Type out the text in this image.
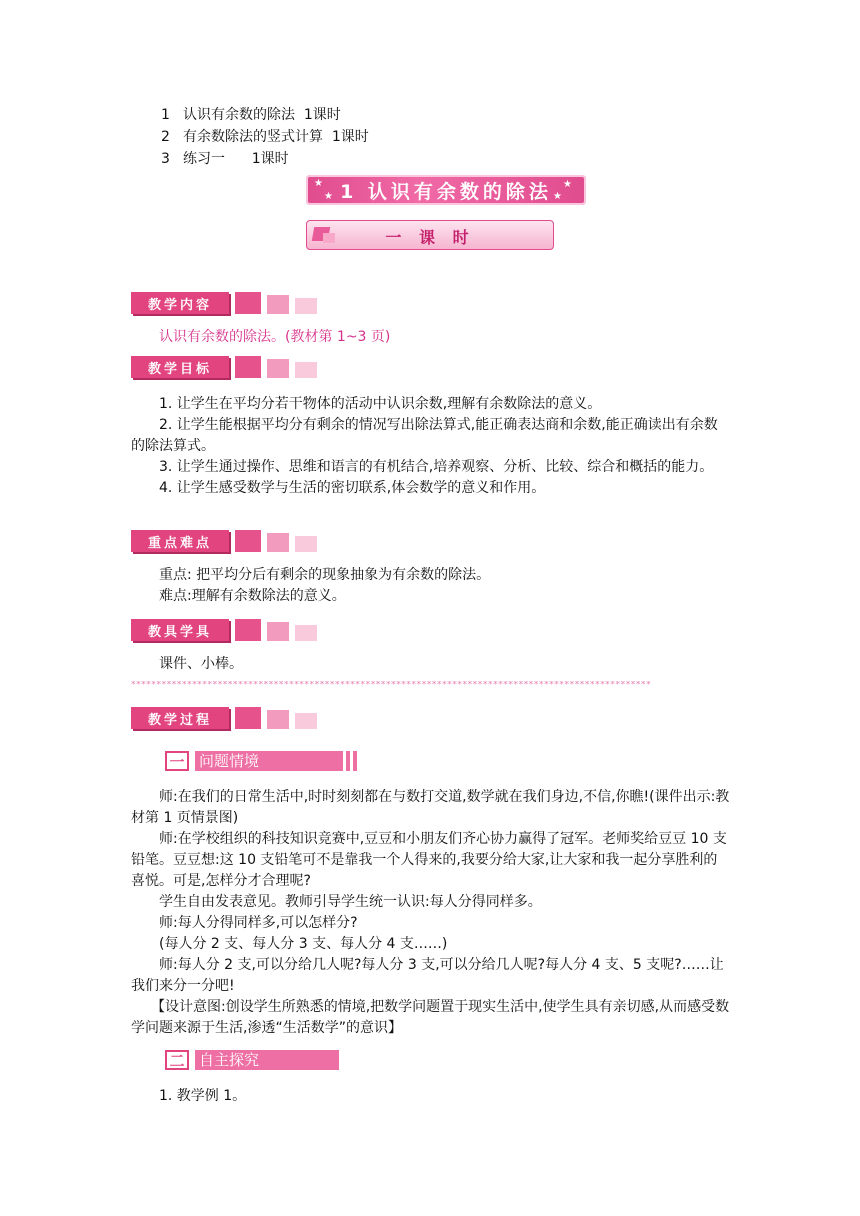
1 认识有余数的除法  1课时
2 有余数除法的竖式计算  1课时
3 练习一      1课时
★
★
★
★
1 认识有余数的除法
一 课 时
教学内容
认识有余数的除法。(教材第 1~3 页)
教学目标

1. 让学生在平均分若干物体的活动中认识余数,理解有余数除法的意义。

2. 让学生能根据平均分有剩余的情况写出除法算式,能正确表达商和余数,能正确读出有余数的除法算式。

3. 让学生通过操作、思维和语言的有机结合,培养观察、分析、比较、综合和概括的能力。

4. 让学生感受数学与生活的密切联系,体会数学的意义和作用。

重点难点

重点: 把平均分后有剩余的现象抽象为有余数的除法。

难点:理解有余数除法的意义。

教具学具

课件、小棒。

******************************************************************************************************
教学过程
一 问题情境

师:在我们的日常生活中,时时刻刻都在与数打交道,数学就在我们身边,不信,你瞧!(课件出示:教材第 1 页情景图)

师:在学校组织的科技知识竞赛中,豆豆和小朋友们齐心协力赢得了冠军。老师奖给豆豆 10 支铅笔。豆豆想:这 10 支铅笔可不是靠我一个人得来的,我要分给大家,让大家和我一起分享胜利的喜悦。可是,怎样分才合理呢?

学生自由发表意见。教师引导学生统一认识:每人分得同样多。

师:每人分得同样多,可以怎样分?

(每人分 2 支、每人分 3 支、每人分 4 支……)

师:每人分 2 支,可以分给几人呢?每人分 3 支,可以分给几人呢?每人分 4 支、5 支呢?……让我们来分一分吧!

【设计意图:创设学生所熟悉的情境,把数学问题置于现实生活中,使学生具有亲切感,从而感受数学问题来源于生活,渗透“生活数学”的意识】

二 自主探究

1. 教学例 1。
